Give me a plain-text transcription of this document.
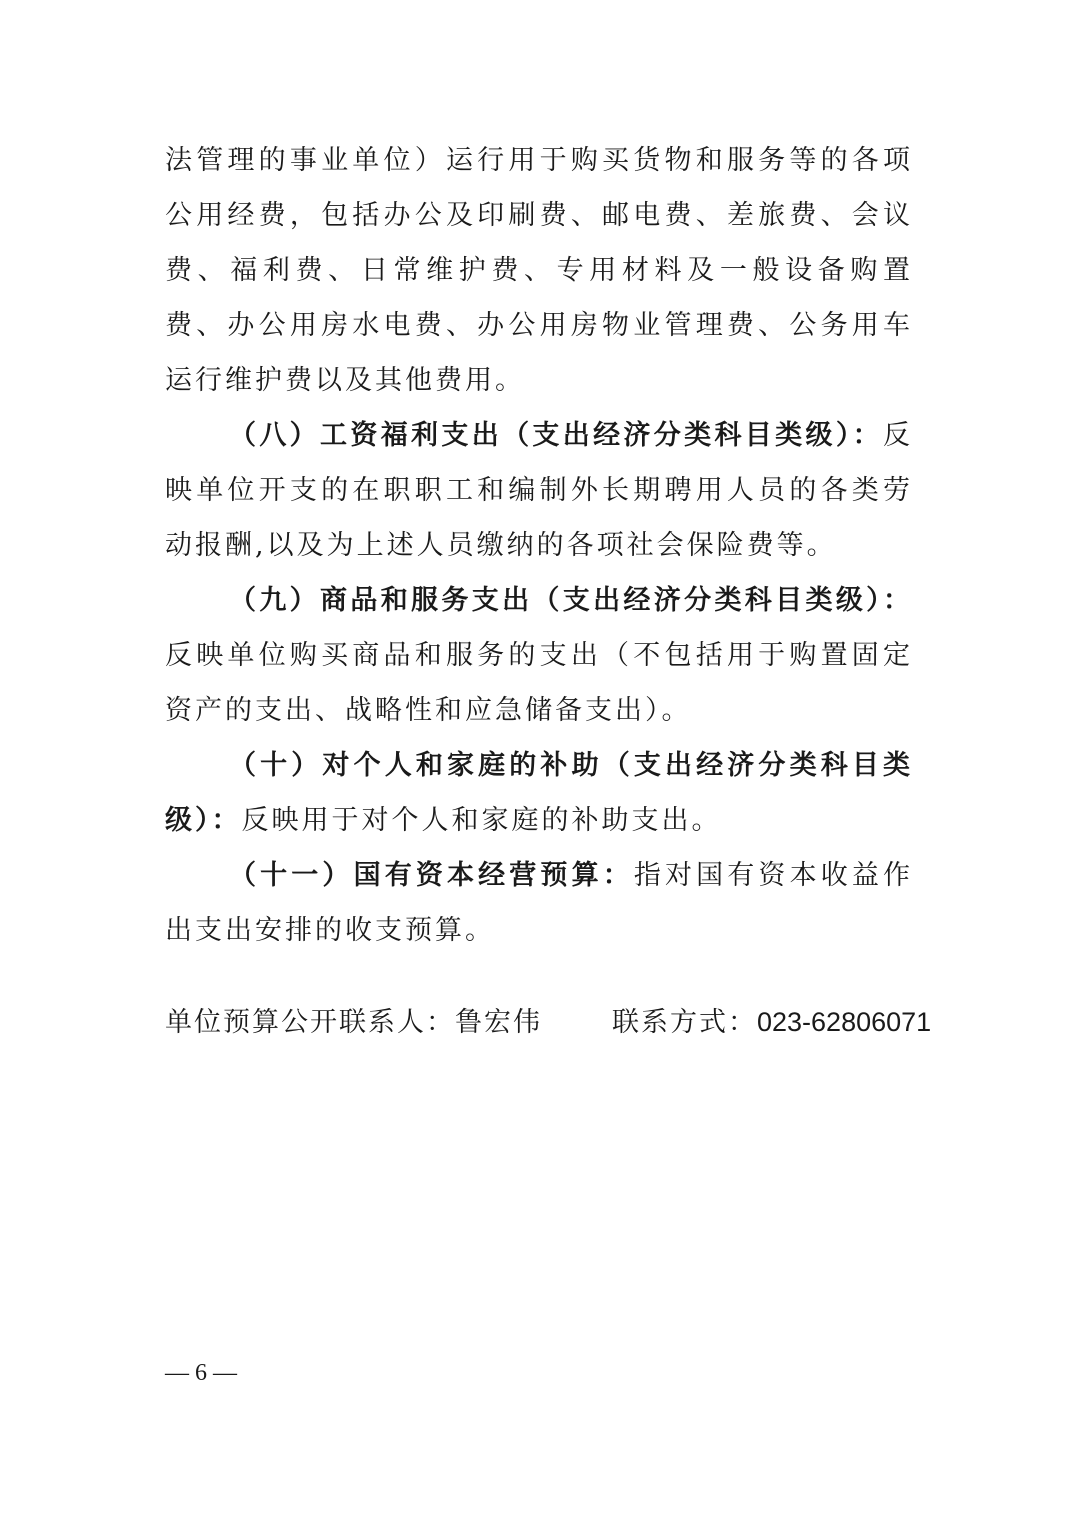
法管理的事业单位）运行用于购买货物和服务等的各项公用经费，包括办公及印刷费、邮电费、差旅费、会议费、福利费、日常维护费、专用材料及一般设备购置费、办公用房水电费、办公用房物业管理费、公务用车运行维护费以及其他费用。

（八）工资福利支出（支出经济分类科目类级）：反映单位开支的在职职工和编制外长期聘用人员的各类劳动报酬,以及为上述人员缴纳的各项社会保险费等。

（九）商品和服务支出（支出经济分类科目类级）：反映单位购买商品和服务的支出（不包括用于购置固定资产的支出、战略性和应急储备支出）。

（十）对个人和家庭的补助（支出经济分类科目类级）：反映用于对个人和家庭的补助支出。

（十一）国有资本经营预算：指对国有资本收益作出支出安排的收支预算。

单位预算公开联系人：鲁宏伟	联系方式：023-62806071
— 6 —
